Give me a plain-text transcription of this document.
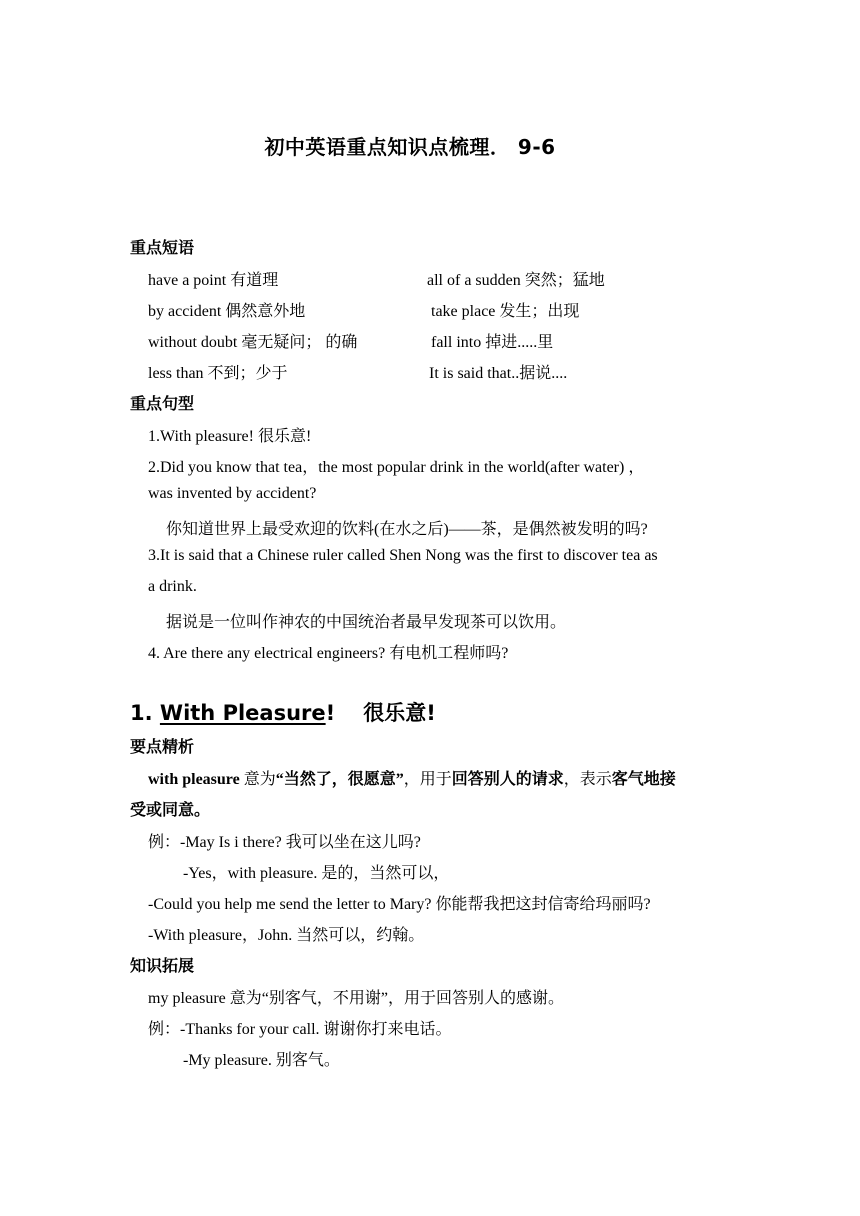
初中英语重点知识点梳理． 9-6
重点短语
have a point 有道理	all of a sudden 突然；猛地
by accident 偶然意外地	take place 发生；出现
without doubt 毫无疑问； 的确	fall into 掉进.....里
less than 不到；少于	It is said that..据说....
重点句型
1.With pleasure! 很乐意!
2.Did you know that tea，the most popular drink in the world(after water) ，
was invented by accident?
你知道世界上最受欢迎的饮料(在水之后)——茶，是偶然被发明的吗?
3.It is said that a Chinese ruler called Shen Nong was the first to discover tea as
a drink.
据说是一位叫作神农的中国统治者最早发现茶可以饮用。
4. Are there any electrical engineers? 有电机工程师吗?
1. With Pleasure! 很乐意!
要点精析
with pleasure 意为“当然了，很愿意”，用于回答别人的请求，表示客气地接
受或同意。
例：-May Is i there? 我可以坐在这儿吗?
-Yes，with pleasure. 是的，当然可以，
-Could you help me send the letter to Mary? 你能帮我把这封信寄给玛丽吗?
-With pleasure，John. 当然可以，约翰。
知识拓展
my pleasure 意为“别客气，不用谢”，用于回答别人的感谢。
例：-Thanks for your call. 谢谢你打来电话。
-My pleasure. 别客气。
